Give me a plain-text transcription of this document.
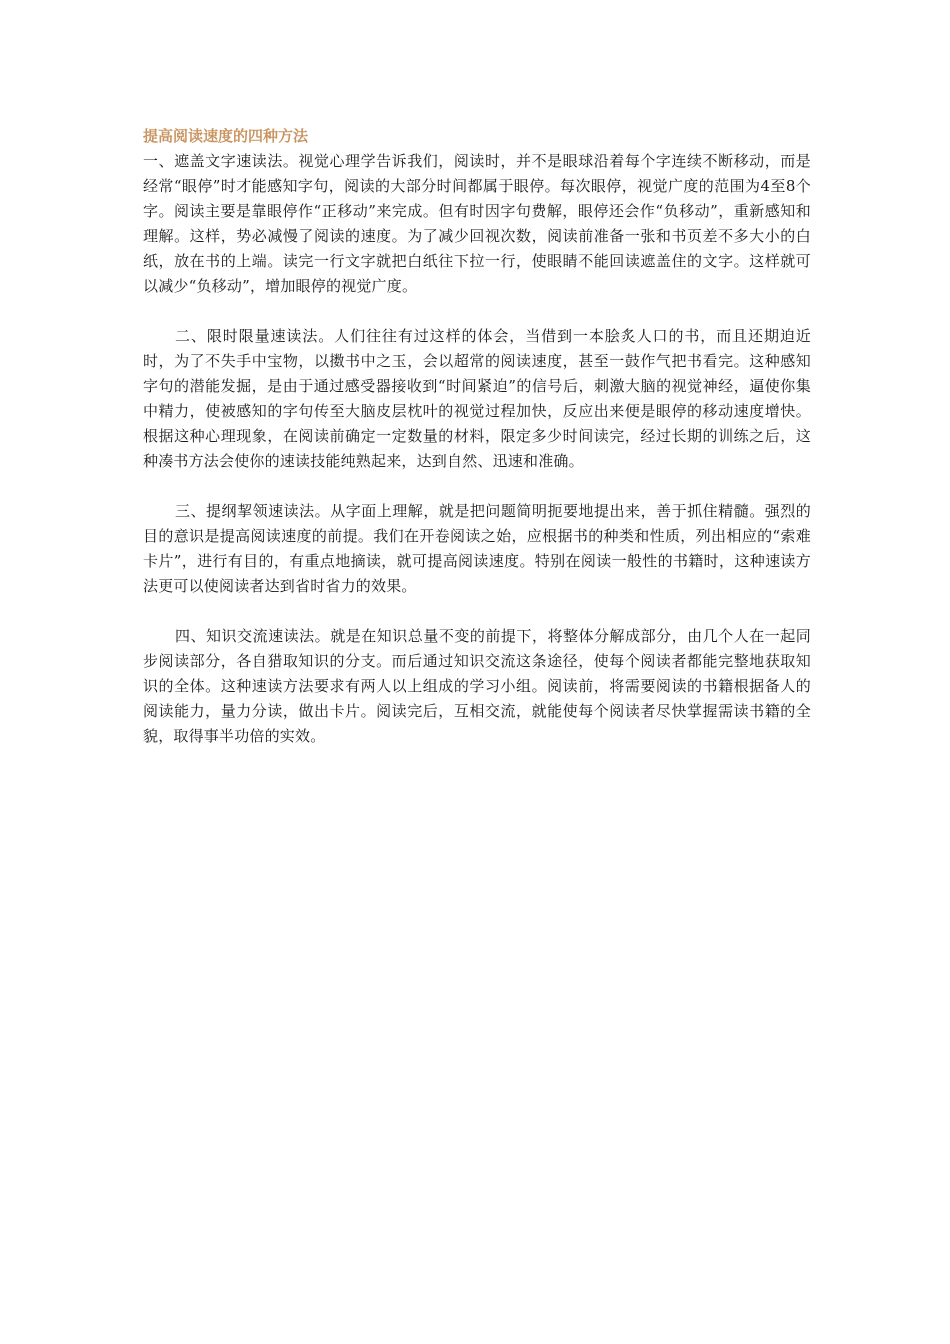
提高阅读速度的四种方法

一、遮盖文字速读法。视觉心理学告诉我们，阅读时，并不是眼球沿着每个字连续不断移动，而是经常“眼停”时才能感知字句，阅读的大部分时间都属于眼停。每次眼停，视觉广度的范围为4至8个字。阅读主要是靠眼停作“正移动”来完成。但有时因字句费解，眼停还会作“负移动”，重新感知和理解。这样，势必减慢了阅读的速度。为了减少回视次数，阅读前准备一张和书页差不多大小的白纸，放在书的上端。读完一行文字就把白纸往下拉一行，使眼睛不能回读遮盖住的文字。这样就可以减少“负移动”，增加眼停的视觉广度。

二、限时限量速读法。人们往往有过这样的体会，当借到一本脍炙人口的书，而且还期迫近时，为了不失手中宝物，以擞书中之玉，会以超常的阅读速度，甚至一鼓作气把书看完。这种感知字句的潜能发掘，是由于通过感受器接收到“时间紧迫”的信号后，刺激大脑的视觉神经，逼使你集中精力，使被感知的字句传至大脑皮层枕叶的视觉过程加快，反应出来便是眼停的移动速度增快。根据这种心理现象，在阅读前确定一定数量的材料，限定多少时间读完，经过长期的训练之后，这种凑书方法会使你的速读技能纯熟起来，达到自然、迅速和准确。

三、提纲挈领速读法。从字面上理解，就是把问题简明扼要地提出来，善于抓住精髓。强烈的目的意识是提高阅读速度的前提。我们在开卷阅读之始，应根据书的种类和性质，列出相应的“索难卡片”，进行有目的，有重点地摘读，就可提高阅读速度。特别在阅读一般性的书籍时，这种速读方法更可以使阅读者达到省时省力的效果。

四、知识交流速读法。就是在知识总量不变的前提下，将整体分解成部分，由几个人在一起同步阅读部分，各自猎取知识的分支。而后通过知识交流这条途径，使每个阅读者都能完整地获取知识的全体。这种速读方法要求有两人以上组成的学习小组。阅读前，将需要阅读的书籍根据备人的阅读能力，量力分读，做出卡片。阅读完后，互相交流，就能使每个阅读者尽快掌握需读书籍的全貌，取得事半功倍的实效。
